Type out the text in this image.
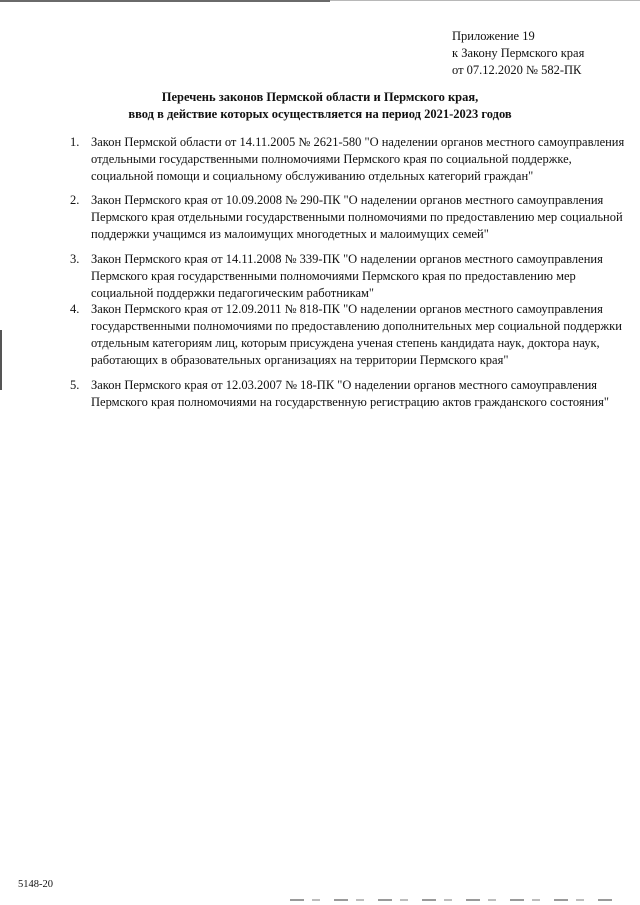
Приложение 19
к Закону Пермского края
от 07.12.2020 № 582-ПК
Перечень законов Пермской области и Пермского края,
ввод в действие которых осуществляется на период 2021-2023 годов
1. Закон Пермской области от 14.11.2005 № 2621-580 "О наделении органов местного самоуправления
отдельными государственными полномочиями Пермского края по социальной поддержке,
социальной помощи и социальному обслуживанию отдельных категорий граждан"
2. Закон Пермского края от 10.09.2008 № 290-ПК "О наделении органов местного самоуправления
Пермского края отдельными государственными полномочиями по предоставлению мер социальной
поддержки учащимся из малоимущих многодетных и малоимущих семей"
3. Закон Пермского края от 14.11.2008 № 339-ПК "О наделении органов местного самоуправления
Пермского края государственными полномочиями Пермского края по предоставлению мер
социальной поддержки педагогическим работникам"
4. Закон Пермского края от 12.09.2011 № 818-ПК "О наделении органов местного самоуправления
государственными полномочиями по предоставлению дополнительных мер социальной поддержки
отдельным категориям лиц, которым присуждена ученая степень кандидата наук, доктора наук,
работающих в образовательных организациях на территории Пермского края"
5. Закон Пермского края от 12.03.2007 № 18-ПК "О наделении органов местного самоуправления
Пермского края полномочиями на государственную регистрацию актов гражданского состояния"
5148-20
